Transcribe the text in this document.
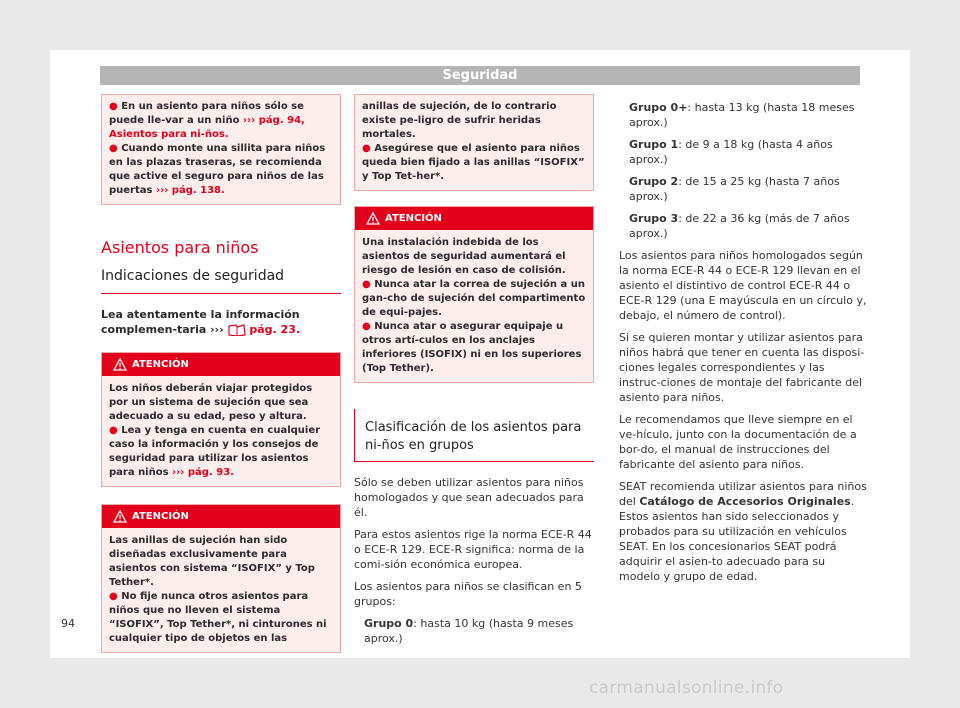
Seguridad

● En un asiento para niños sólo se puede lle-var a un niño ››› pág. 94, Asientos para ni-ños.

● Cuando monte una sillita para niños en las plazas traseras, se recomienda que active el seguro para niños de las puertas ››› pág. 138.

Asientos para niños
Indicaciones de seguridad
Lea atentamente la información complemen-taria ›››  pág. 23.
ATENCIÓN

Los niños deberán viajar protegidos por un sistema de sujeción que sea adecuado a su edad, peso y altura.

● Lea y tenga en cuenta en cualquier caso la información y los consejos de seguridad para utilizar los asientos para niños ››› pág. 93.

ATENCIÓN

Las anillas de sujeción han sido diseñadas exclusivamente para asientos con sistema “ISOFIX” y Top Tether*.

● No fije nunca otros asientos para niños que no lleven el sistema “ISOFIX”, Top Tether*, ni cinturones ni cualquier tipo de objetos en las

anillas de sujeción, de lo contrario existe pe-ligro de sufrir heridas mortales.

● Asegúrese que el asiento para niños queda bien fijado a las anillas “ISOFIX” y Top Tet-her*.

ATENCIÓN

Una instalación indebida de los asientos de seguridad aumentará el riesgo de lesión en caso de colisión.

● Nunca atar la correa de sujeción a un gan-cho de sujeción del compartimento de equi-pajes.

● Nunca atar o asegurar equipaje u otros artí-culos en los anclajes inferiores (ISOFIX) ni en los superiores (Top Tether).

Clasificación de los asientos para ni-ños en grupos

Sólo se deben utilizar asientos para niños homologados y que sean adecuados para él.

Para estos asientos rige la norma ECE-R 44 o ECE-R 129. ECE-R significa: norma de la comi-sión económica europea.

Los asientos para niños se clasifican en 5 grupos:

Grupo 0: hasta 10 kg (hasta 9 meses aprox.)
Grupo 0+: hasta 13 kg (hasta 18 meses aprox.)
Grupo 1: de 9 a 18 kg (hasta 4 años aprox.)
Grupo 2: de 15 a 25 kg (hasta 7 años aprox.)
Grupo 3: de 22 a 36 kg (más de 7 años aprox.)

Los asientos para niños homologados según la norma ECE-R 44 o ECE-R 129 llevan en el asiento el distintivo de control ECE-R 44 o ECE-R 129 (una E mayúscula en un círculo y, debajo, el número de control).

Si se quieren montar y utilizar asientos para niños habrá que tener en cuenta las disposi-ciones legales correspondientes y las instruc-ciones de montaje del fabricante del asiento para niños.

Le recomendamos que lleve siempre en el ve-hículo, junto con la documentación de a bor-do, el manual de instrucciones del fabricante del asiento para niños.

SEAT recomienda utilizar asientos para niños del Catálogo de Accesorios Originales. Estos asientos han sido seleccionados y probados para su utilización en vehículos SEAT. En los concesionarios SEAT podrá adquirir el asien-to adecuado para su modelo y grupo de edad.

94
carmanualsonline.info
